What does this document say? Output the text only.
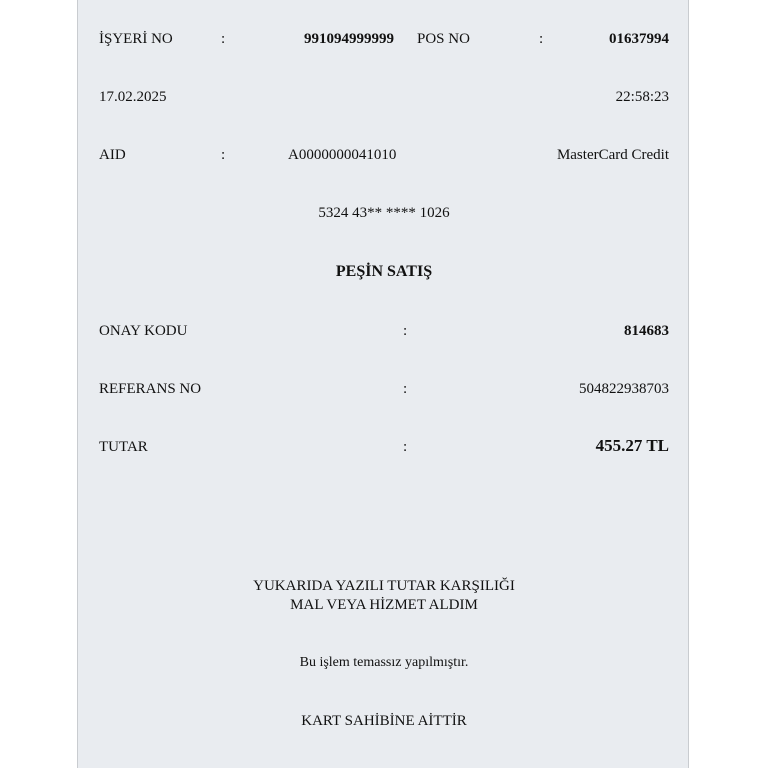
İŞYERİ NO	:	991094999999 POS NO	:	01637994
17.02.2025	22:58:23
AID	:	A0000000041010	MasterCard Credit
5324 43** **** 1026
PEŞİN SATIŞ
ONAY KODU	:	814683
REFERANS NO	:	504822938703
TUTAR	:	455.27 TL
YUKARIDA YAZILI TUTAR KARŞILIĞI
MAL VEYA HİZMET ALDIM
Bu işlem temassız yapılmıştır.
KART SAHİBİNE AİTTİR
